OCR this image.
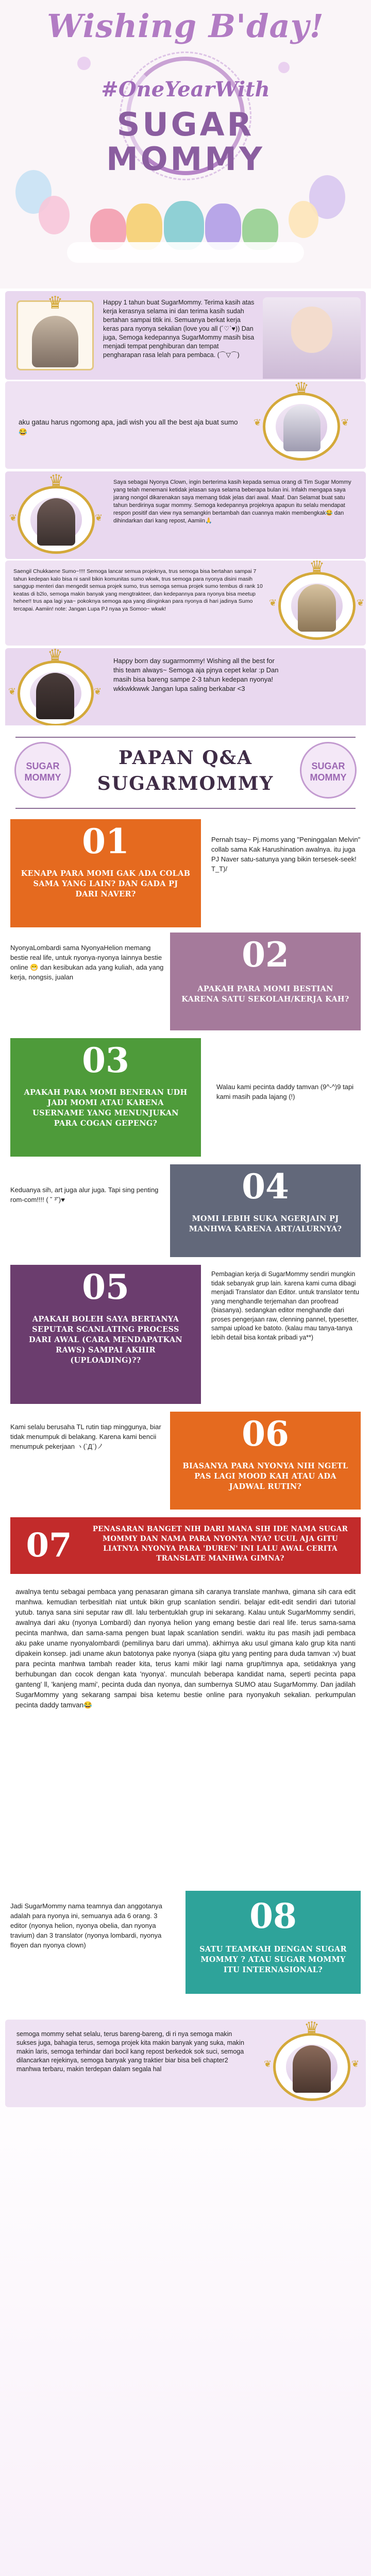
Wishing B'day!
#OneYearWith
SUGAR
MOMMY
♛	Happy 1 tahun buat SugarMommy. Terima kasih atas kerja kerasnya selama ini dan terima kasih sudah bertahan sampai titik ini. Semuanya berkat kerja keras para nyonya sekalian (love you all (´♡`♥)) Dan juga, Semoga kedepannya SugarMommy masih bisa menjadi tempat penghiburan dan tempat pengharapan rasa lelah para pembaca. (⌒▽⌒)
aku gatau harus ngomong apa, jadi wish you all the best aja buat sumo 😂
♛
❦	❦
♛
❦	❦
Saya sebagai Nyonya Clown, ingin berterima kasih kepada semua orang di Tim Sugar Mommy yang telah menemani ketidak jelasan saya selama beberapa bulan ini. Infakh mengapa saya jarang nongol dikarenakan saya memang tidak jelas dari awal. Maaf. Dan Selamat buat satu tahun berdirinya sugar mommy. Semoga kedepannya projeknya apapun itu selalu mendapat respon positif dan view nya semangkin bertambah dan cuannya makin membengkak😂 dan dihindarkan dari kang repost, Aamiin🙏
Saengil Chukkaene Sumo~!!!! Semoga lancar semua projeknya, trus semoga bisa bertahan sampai 7 tahun kedepan kalo bisa ni sanil bikin komunitas sumo wkwk, trus semoga para nyonya disini masih sanggup menteri dan mengedit semua projek sumo, trus semoga semua projek sumo tembus di rank 10 keatas di b2lo, semoga makin banyak yang mengtrakteer, dan kedepannya para nyonya bisa meetup hehee!! trus apa lagi yaa~ pokoknya semoga apa yang diinginkan para nyonya di hari jadinya Sumo tercapai. Aamiin! note: Jangan Lupa PJ nyaa ya Somoo~ wkwk!
♛
❦	❦
♛
❦	❦
Happy born day sugarmommy! Wishing all the best for this team always~ Semoga aja pjnya cepet kelar :p Dan masih bisa bareng sampe 2-3 tahun kedepan nyonya! wkkwkkwwk Jangan lupa saling berkabar <3
SUGAR
MOMMY
SUGAR
MOMMY
PAPAN Q&A
SUGARMOMMY
01
KENAPA PARA MOMI GAK ADA COLAB SAMA YANG LAIN? DAN GADA PJ DARI NAVER?
Pernah tsay~ Pj.moms yang "Peninggalan Melvin" collab sama Kak Harushination awalnya. itu juga PJ Naver satu-satunya yang bikin tersesek-seek! T_T)/
NyonyaLombardi sama NyonyaHelion memang bestie real life, untuk nyonya-nyonya lainnya bestie online 😁 dan kesibukan ada yang kuliah, ada yang kerja, nongsis, jualan
02
APAKAH PARA MOMI BESTIAN KARENA SATU SEKOLAH/KERJA KAH?
03
APAKAH PARA MOMI BENERAN UDH JADI MOMI ATAU KARENA USERNAME YANG MENUNJUKAN PARA COGAN GEPENG?
Walau kami pecinta daddy tamvan (9^-^)9 tapi kami masih pada lajang (!)
Keduanya sih, art juga alur juga. Tapi sing penting rom-com!!!! ( ˘ ³˘)♥	04
MOMI LEBIH SUKA NGERJAIN PJ MANHWA KARENA ART/ALURNYA?
05
APAKAH BOLEH SAYA BERTANYA SEPUTAR SCANLATING PROCESS DARI AWAL (CARA MENDAPATKAN RAWS) SAMPAI AKHIR (UPLOADING)??
Pembagian kerja di SugarMommy sendiri mungkin tidak sebanyak grup lain. karena kami cuma dibagi menjadi Translator dan Editor. untuk translator tentu yang menghandle terjemahan dan proofread (biasanya). sedangkan editor menghandle dari proses pengerjaan raw, clenning pannel, typesetter, sampai upload ke batoto. (kalau mau tanya-tanya lebih detail bisa kontak pribadi ya**)
Kami selalu berusaha TL rutin tiap minggunya, biar tidak menumpuk di belakang. Karena kami bencii menumpuk pekerjaan ヽ(`Д´)ノ	06
BIASANYA PARA NYONYA NIH NGETL PAS LAGI MOOD KAH ATAU ADA JADWAL RUTIN?
07	PENASARAN BANGET NIH DARI MANA SIH IDE NAMA SUGAR MOMMY DAN NAMA PARA NYONYA NYA? UCUL AJA GITU LIATNYA NYONYA PARA 'DUREN' INI LALU AWAL CERITA TRANSLATE MANHWA GIMNA?
awalnya tentu sebagai pembaca yang penasaran gimana sih caranya translate manhwa, gimana sih cara edit manhwa. kemudian terbesitlah niat untuk bikin grup scanlation sendiri. belajar edit-edit sendiri dari tutorial yutub. tanya sana sini seputar raw dll. lalu terbentuklah grup ini sekarang. Kalau untuk SugarMommy sendiri, awalnya dari aku (nyonya Lombardi) dan nyonya helion yang emang bestie dari real life. terus sama-sama pecinta manhwa, dan sama-sama pengen buat lapak scanlation sendiri. waktu itu pas masih jadi pembaca aku pake uname nyonyalombardi (pemilinya baru dari umma). akhirnya aku usul gimana kalo grup kita nanti dipakein konsep. jadi uname akun batotonya pake nyonya (siapa gitu yang penting para duda tamvan :v) buat para pecinta manhwa tambah reader kita, terus kami mikir lagi nama grup/timnya apa, setidaknya yang berhubungan dan cocok dengan kata 'nyonya'. munculah beberapa kandidat nama, seperti pecinta papa ganteng' ll, 'kanjeng mami', pecinta duda dan nyonya, dan sumbernya SUMO atau SugarMommy. Dan jadilah SugarMommy yang sekarang sampai bisa ketemu bestie online para nyonyakuh sekalian. perkumpulan pecinta daddy tamvan😂
Jadi SugarMommy nama teamnya dan anggotanya adalah para nyonya ini, semuanya ada 6 orang. 3 editor (nyonya helion, nyonya obelia, dan nyonya travium) dan 3 translator (nyonya lombardi, nyonya floyen dan nyonya clown)
08
SATU TEAMKAH DENGAN SUGAR MOMMY ? ATAU SUGAR MOMMY ITU INTERNASIONAL?
semoga mommy sehat selalu, terus bareng-bareng, di ri nya semoga makin sukses juga, bahagia terus, semoga projek kita makin banyak yang suka, makin makin laris, semoga terhindar dari bocil kang repost berkedok sok suci, semoga dilancarkan rejekinya, semoga banyak yang traktier biar bisa beli chapter2 manhwa terbaru, makin terdepan dalam segala hal
♛
❦	❦
